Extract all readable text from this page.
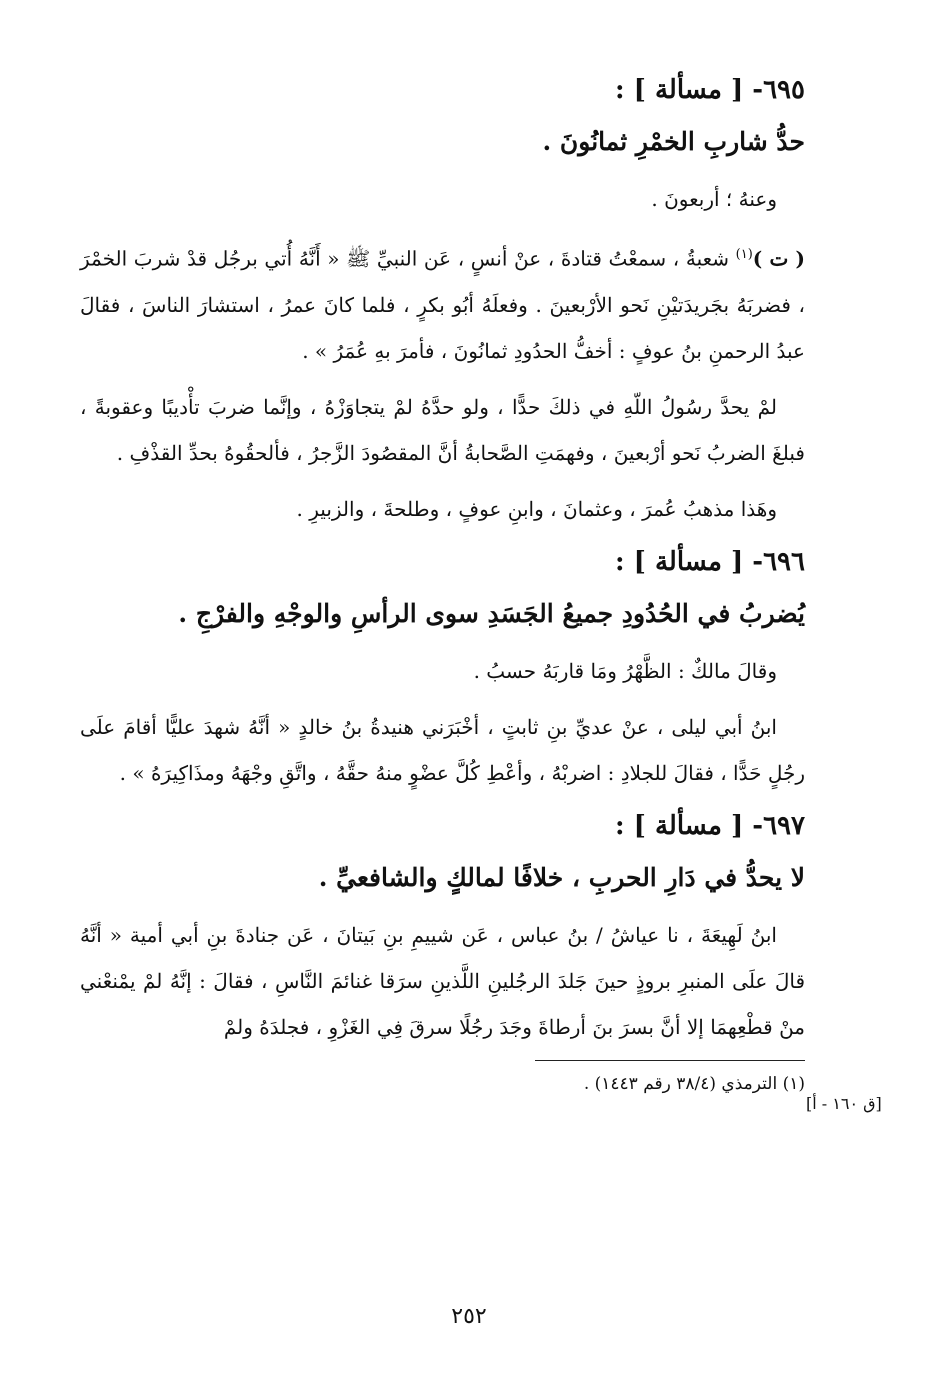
٦٩٥- [ مسألة ] :
حدُّ شاربِ الخمْرِ ثمانُونَ .
وعنهُ ؛ أربعونَ .
( ت )$^{(١)}$ شعبةُ ، سمعْتُ قتادةَ ، عنْ أنسٍ ، عَن النبيِّ ﷺ « أَنَّهُ أُتي برجُل قدْ شربَ الخمْرَ ، فضربَهُ بجَريدَتيْنِ نَحو الأرْبعينَ . وفعلَهُ أبُو بكرٍ ، فلما كانَ عمرُ ، استشارَ الناسَ ، فقالَ عبدُ الرحمنِ بنُ عوفٍ : أخفُّ الحدُودِ ثمانُونَ ، فأمرَ بهِ عُمَرُ » .
لمْ يحدَّ رسُولُ اللّهِ في ذلكَ حدًّا ، ولو حدَّهُ لمْ يتجاوَزْهُ ، وإنَّما ضربَ تأْديبًا وعقوبةً ، فبلغَ الضربُ نَحو أرْبعينَ ، وفهمَتِ الصَّحابةُ أنَّ المقصُودَ الزَّجرُ ، فألحقُوهُ بحدِّ القذْفِ .
وهَذا مذهبُ عُمرَ ، وعثمانَ ، وابنِ عوفٍ ، وطلحةَ ، والزبيرِ .
٦٩٦- [ مسألة ] :
يُضربُ في الحُدُودِ جميعُ الجَسَدِ سوى الرأسِ والوجْهِ والفرْجِ .
وقالَ مالكٌ : الظَّهْرُ ومَا قاربَهُ حسبُ .
ابنُ أبي ليلى ، عنْ عديِّ بنِ ثابتٍ ، أخْبَرَني هنيدةُ بنُ خالدٍ « أنَّهُ شهدَ عليًّا أقامَ علَى رجُلٍ حَدًّا ، فقالَ للجلادِ : اضربْهُ ، وأعْطِ كُلَّ عضْوٍ منهُ حقَّهُ ، واتَّقِ وجْهَهُ ومذَاكِيرَهُ » .
٦٩٧- [ مسألة ] :
لا يحدُّ في دَارِ الحربِ ، خلافًا لمالكٍ والشافعيِّ .
ابنُ لَهِيعَةَ ، نا عياشُ / بنُ عباس ، عَن شييمِ بنِ بَيتانَ ، عَن جنادةَ بنِ أبي أمية « أنَّهُ قالَ علَى المنبرِ بروذٍ حينَ جَلدَ الرجُلينِ اللَّذينِ سرَقا غنائمَ النَّاسِ ، فقالَ : إنَّهُ لمْ يمْنعْني منْ قطْعِهمَا إلا أنَّ بسرَ بنَ أرطاةَ وجَدَ رجُلًا سرقَ فِي الغَزْوِ ، فجلدَهُ ولمْ
(١) الترمذي (٣٨/٤ رقم ١٤٤٣) .
[ق ١٦٠ - أ]
٢٥٢
